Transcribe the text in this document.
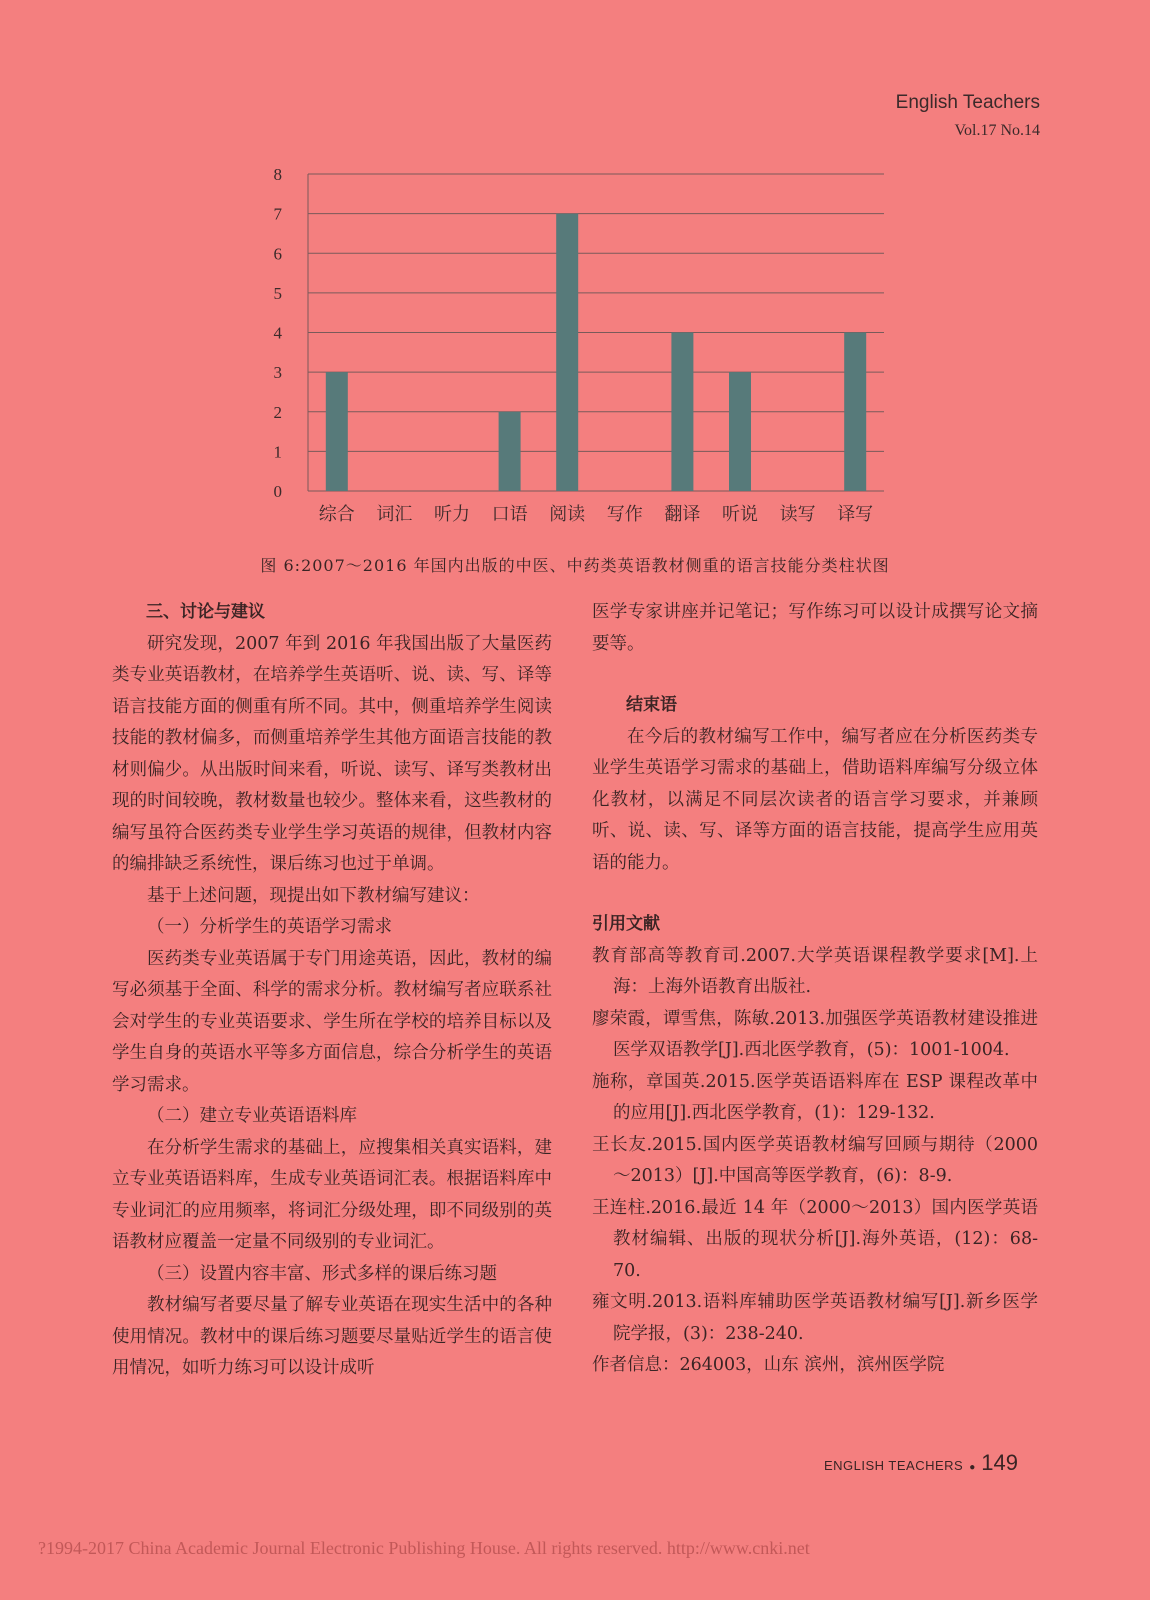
English Teachers
Vol.17 No.14
0
1
2
3
4
5
6
7
8
综合 词汇 听力 口语 阅读 写作 翻译 听说 读写 译写
图 6:2007～2016 年国内出版的中医、中药类英语教材侧重的语言技能分类柱状图

三、讨论与建议

研究发现，2007 年到 2016 年我国出版了大量医药类专业英语教材，在培养学生英语听、说、读、写、译等语言技能方面的侧重有所不同。其中，侧重培养学生阅读技能的教材偏多，而侧重培养学生其他方面语言技能的教材则偏少。从出版时间来看，听说、读写、译写类教材出现的时间较晚，教材数量也较少。整体来看，这些教材的编写虽符合医药类专业学生学习英语的规律，但教材内容的编排缺乏系统性，课后练习也过于单调。

基于上述问题，现提出如下教材编写建议：

（一）分析学生的英语学习需求

医药类专业英语属于专门用途英语，因此，教材的编写必须基于全面、科学的需求分析。教材编写者应联系社会对学生的专业英语要求、学生所在学校的培养目标以及学生自身的英语水平等多方面信息，综合分析学生的英语学习需求。

（二）建立专业英语语料库

在分析学生需求的基础上，应搜集相关真实语料，建立专业英语语料库，生成专业英语词汇表。根据语料库中专业词汇的应用频率，将词汇分级处理，即不同级别的英语教材应覆盖一定量不同级别的专业词汇。

（三）设置内容丰富、形式多样的课后练习题

教材编写者要尽量了解专业英语在现实生活中的各种使用情况。教材中的课后练习题要尽量贴近学生的语言使用情况，如听力练习可以设计成听

医学专家讲座并记笔记；写作练习可以设计成撰写论文摘要等。

结束语

在今后的教材编写工作中，编写者应在分析医药类专业学生英语学习需求的基础上，借助语料库编写分级立体化教材，以满足不同层次读者的语言学习要求，并兼顾听、说、读、写、译等方面的语言技能，提高学生应用英语的能力。

引用文献

教育部高等教育司.2007.大学英语课程教学要求[M].上海：上海外语教育出版社.

廖荣霞，谭雪焦，陈敏.2013.加强医学英语教材建设推进医学双语教学[J].西北医学教育，(5)：1001-1004.

施称，章国英.2015.医学英语语料库在 ESP 课程改革中的应用[J].西北医学教育，(1)：129-132.

王长友.2015.国内医学英语教材编写回顾与期待（2000～2013）[J].中国高等医学教育，(6)：8-9.

王连柱.2016.最近 14 年（2000～2013）国内医学英语教材编辑、出版的现状分析[J].海外英语，(12)：68-70.

雍文明.2013.语料库辅助医学英语教材编写[J].新乡医学院学报，(3)：238-240.

作者信息：264003，山东 滨州，滨州医学院

ENGLISH TEACHERS ● 149
?1994-2017 China Academic Journal Electronic Publishing House. All rights reserved. http://www.cnki.net
